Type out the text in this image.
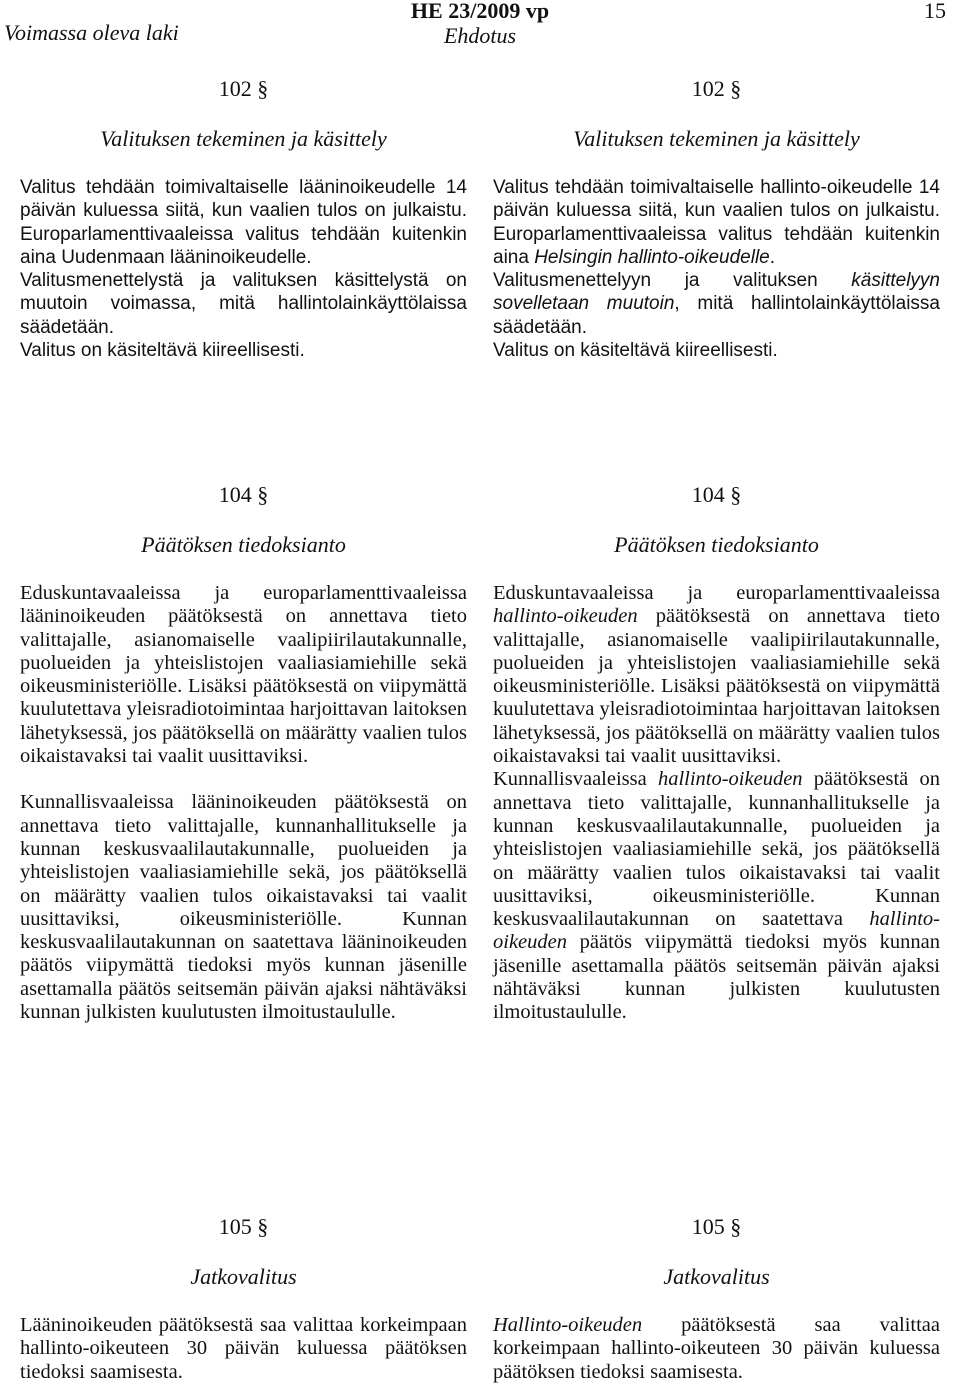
Voimassa oleva laki
HE 23/2009 vp
Ehdotus
15
102 §
Valituksen tekeminen ja käsittely

Valitus tehdään toimivaltaiselle lääninoikeudelle 14 päivän kuluessa siitä, kun vaalien tulos on julkaistu. Europarlamenttivaaleissa valitus tehdään kuitenkin aina Uudenmaan lääninoikeudelle.

Valitusmenettelystä ja valituksen käsittelystä on muutoin voimassa, mitä hallintolainkäyttölaissa säädetään.

Valitus on käsiteltävä kiireellisesti.

104 §
Päätöksen tiedoksianto

Eduskuntavaaleissa ja europarlamenttivaaleissa lääninoikeuden päätöksestä on annettava tieto valittajalle, asianomaiselle vaalipiirilautakunnalle, puolueiden ja yhteislistojen vaaliasiamiehille sekä oikeusministeriölle. Lisäksi päätöksestä on viipymättä kuulutettava yleisradiotoimintaa harjoittavan laitoksen lähetyksessä, jos päätöksellä on määrätty vaalien tulos oikaistavaksi tai vaalit uusittaviksi.

Kunnallisvaaleissa lääninoikeuden päätöksestä on annettava tieto valittajalle, kunnanhallitukselle ja kunnan keskusvaalilautakunnalle, puolueiden ja yhteislistojen vaaliasiamiehille sekä, jos päätöksellä on määrätty vaalien tulos oikaistavaksi tai vaalit uusittaviksi, oikeusministeriölle. Kunnan keskusvaalilautakunnan on saatettava lääninoikeuden päätös viipymättä tiedoksi myös kunnan jäsenille asettamalla päätös seitsemän päivän ajaksi nähtäväksi kunnan julkisten kuulutusten ilmoitustaululle.

105 §
Jatkovalitus

Lääninoikeuden päätöksestä saa valittaa korkeimpaan hallinto-oikeuteen 30 päivän kuluessa päätöksen tiedoksi saamisesta.

102 §
Valituksen tekeminen ja käsittely

Valitus tehdään toimivaltaiselle hallinto-oikeudelle 14 päivän kuluessa siitä, kun vaalien tulos on julkaistu. Europarlamenttivaaleissa valitus tehdään kuitenkin aina Helsingin hallinto-oikeudelle.

Valitusmenettelyyn ja valituksen käsittelyyn sovelletaan muutoin, mitä hallintolainkäyttölaissa säädetään.

Valitus on käsiteltävä kiireellisesti.

104 §
Päätöksen tiedoksianto

Eduskuntavaaleissa ja europarlamenttivaaleissa hallinto-oikeuden päätöksestä on annettava tieto valittajalle, asianomaiselle vaalipiirilautakunnalle, puolueiden ja yhteislistojen vaaliasiamiehille sekä oikeusministeriölle. Lisäksi päätöksestä on viipymättä kuulutettava yleisradiotoimintaa harjoittavan laitoksen lähetyksessä, jos päätöksellä on määrätty vaalien tulos oikaistavaksi tai vaalit uusittaviksi.

Kunnallisvaaleissa hallinto-oikeuden päätöksestä on annettava tieto valittajalle, kunnanhallitukselle ja kunnan keskusvaalilautakunnalle, puolueiden ja yhteislistojen vaaliasiamiehille sekä, jos päätöksellä on määrätty vaalien tulos oikaistavaksi tai vaalit uusittaviksi, oikeusministeriölle. Kunnan keskusvaalilautakunnan on saatettava hallinto-oikeuden päätös viipymättä tiedoksi myös kunnan jäsenille asettamalla päätös seitsemän päivän ajaksi nähtäväksi kunnan julkisten kuulutusten ilmoitustaululle.

105 §
Jatkovalitus

Hallinto-oikeuden päätöksestä saa valittaa korkeimpaan hallinto-oikeuteen 30 päivän kuluessa päätöksen tiedoksi saamisesta.
